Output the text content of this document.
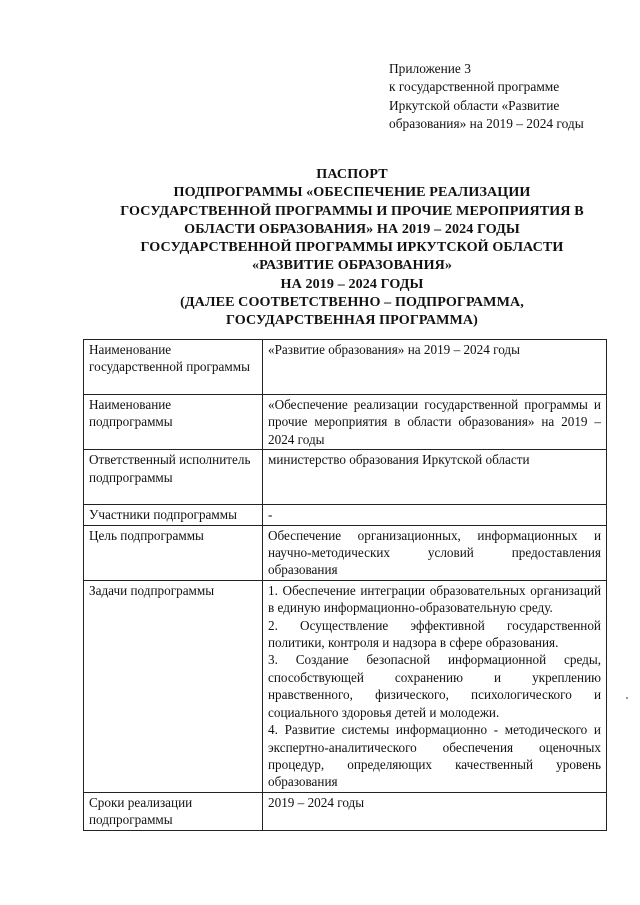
Приложение 3
к государственной программе
Иркутской области «Развитие
образования» на 2019 – 2024 годы
ПАСПОРТ
ПОДПРОГРАММЫ «ОБЕСПЕЧЕНИЕ РЕАЛИЗАЦИИ
ГОСУДАРСТВЕННОЙ ПРОГРАММЫ И ПРОЧИЕ МЕРОПРИЯТИЯ В
ОБЛАСТИ ОБРАЗОВАНИЯ» НА 2019 – 2024 ГОДЫ
ГОСУДАРСТВЕННОЙ ПРОГРАММЫ ИРКУТСКОЙ ОБЛАСТИ
«РАЗВИТИЕ ОБРАЗОВАНИЯ»
НА 2019 – 2024 ГОДЫ
(ДАЛЕЕ СООТВЕТСТВЕННО – ПОДПРОГРАММА,
ГОСУДАРСТВЕННАЯ ПРОГРАММА)
Наименование государственной программы	«Развитие образования» на 2019 – 2024 годы
Наименование подпрограммы	«Обеспечение реализации государственной программы и прочие мероприятия в области образования» на 2019 – 2024 годы
Ответственный исполнитель подпрограммы	министерство образования Иркутской области
Участники подпрограммы	-
Цель подпрограммы	Обеспечение организационных, информационных и научно-методических условий предоставления образования
Задачи подпрограммы	1. Обеспечение интеграции образовательных организаций в единую информационно-образовательную среду.
2. Осуществление эффективной государственной политики, контроля и надзора в сфере образования.
3. Создание безопасной информационной среды, способствующей сохранению и укреплению нравственного, физического, психологического и социального здоровья детей и молодежи.
4. Развитие системы информационно - методического и экспертно-аналитического обеспечения оценочных процедур, определяющих качественный уровень образования

Сроки реализации подпрограммы	2019 – 2024 годы
